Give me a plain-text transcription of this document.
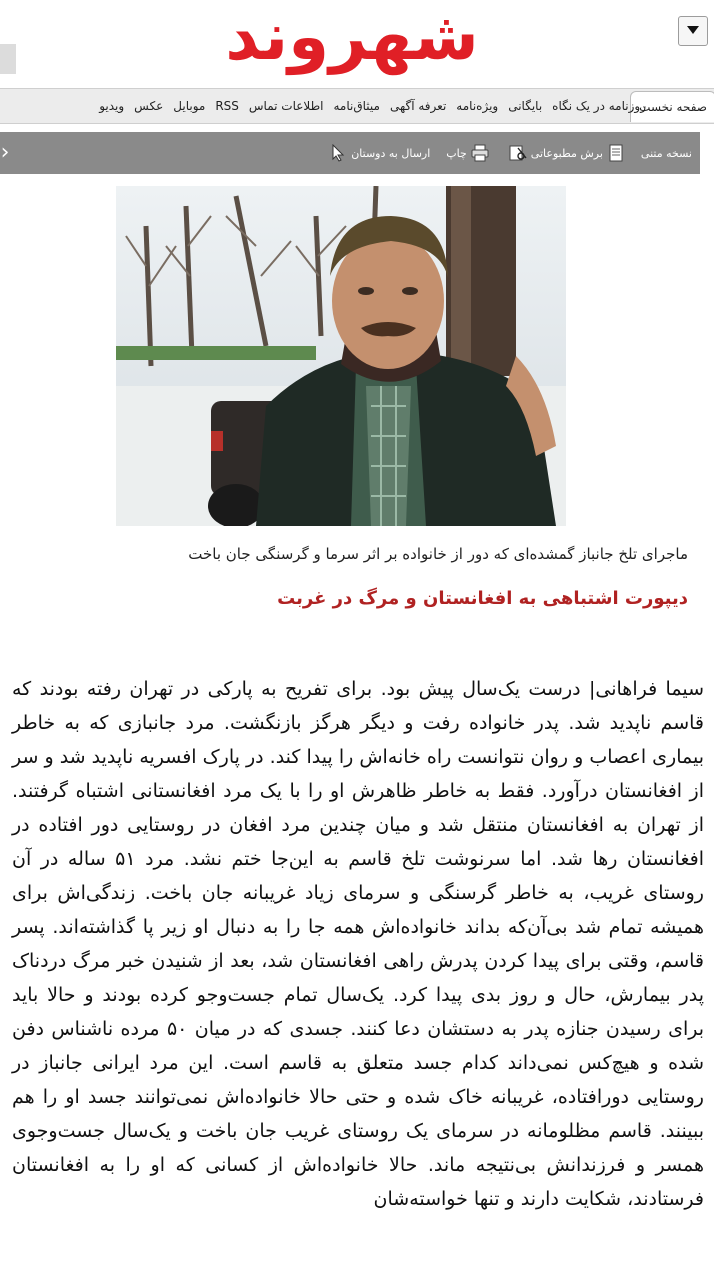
شهروند
صفحه نخست
روزنامه در یک نگاه
بایگانی
ویژه‌نامه
تعرفه آگهی
میثاق‌نامه
اطلاعات تماس
RSS
موبایل
عکس
ویدیو
نسخه متنی
برش مطبوعاتی
چاپ
ارسال به دوستان
‹
ماجرای تلخ جانباز گمشده‌ای که دور از خانواده بر اثر سرما و گرسنگی جان باخت
دیپورت اشتباهی به افغانستان و مرگ در غربت
سیما فراهانی| درست یک‌سال پیش بود. برای تفریح به پارکی در تهران رفته بودند که قاسم ناپدید شد. پدر خانواده رفت و دیگر هرگز بازنگشت. مرد جانبازی که به خاطر بیماری اعصاب و روان نتوانست راه خانه‌اش را پیدا کند. در پارک افسریه ناپدید شد و سر از افغانستان درآورد. فقط به خاطر ظاهرش او را با یک مرد افغانستانی اشتباه گرفتند. از تهران به افغانستان منتقل شد و میان چندین مرد افغان در روستایی دور افتاده در افغانستان رها شد. اما سرنوشت تلخ قاسم به این‌جا ختم نشد. مرد ۵۱ ساله در آن روستای غریب، به خاطر گرسنگی و سرمای زیاد غریبانه جان باخت. زندگی‌اش برای همیشه تمام شد بی‌آن‌که بداند خانواده‌اش همه جا را به دنبال او زیر پا گذاشته‌اند. پسر قاسم، وقتی برای پیدا کردن پدرش راهی افغانستان شد، بعد از شنیدن خبر مرگ دردناک پدر بیمارش، حال و روز بدی پیدا کرد. یک‌سال تمام جست‌وجو کرده بودند و حالا باید برای رسیدن جنازه پدر به دستشان دعا کنند. جسدی که در میان ۵۰ مرده ناشناس دفن شده و هیچ‌کس نمی‌داند کدام جسد متعلق به قاسم است. این مرد ایرانی جانباز در روستایی دورافتاده، غریبانه خاک شده و حتی حالا خانواده‌اش نمی‌توانند جسد او را هم ببینند. قاسم مظلومانه در سرمای یک روستای غریب جان باخت و یک‌سال جست‌وجوی همسر و فرزندانش بی‌نتیجه ماند. حالا خانواده‌اش از کسانی که او را به افغانستان فرستادند، شکایت دارند و تنها خواسته‌شان
